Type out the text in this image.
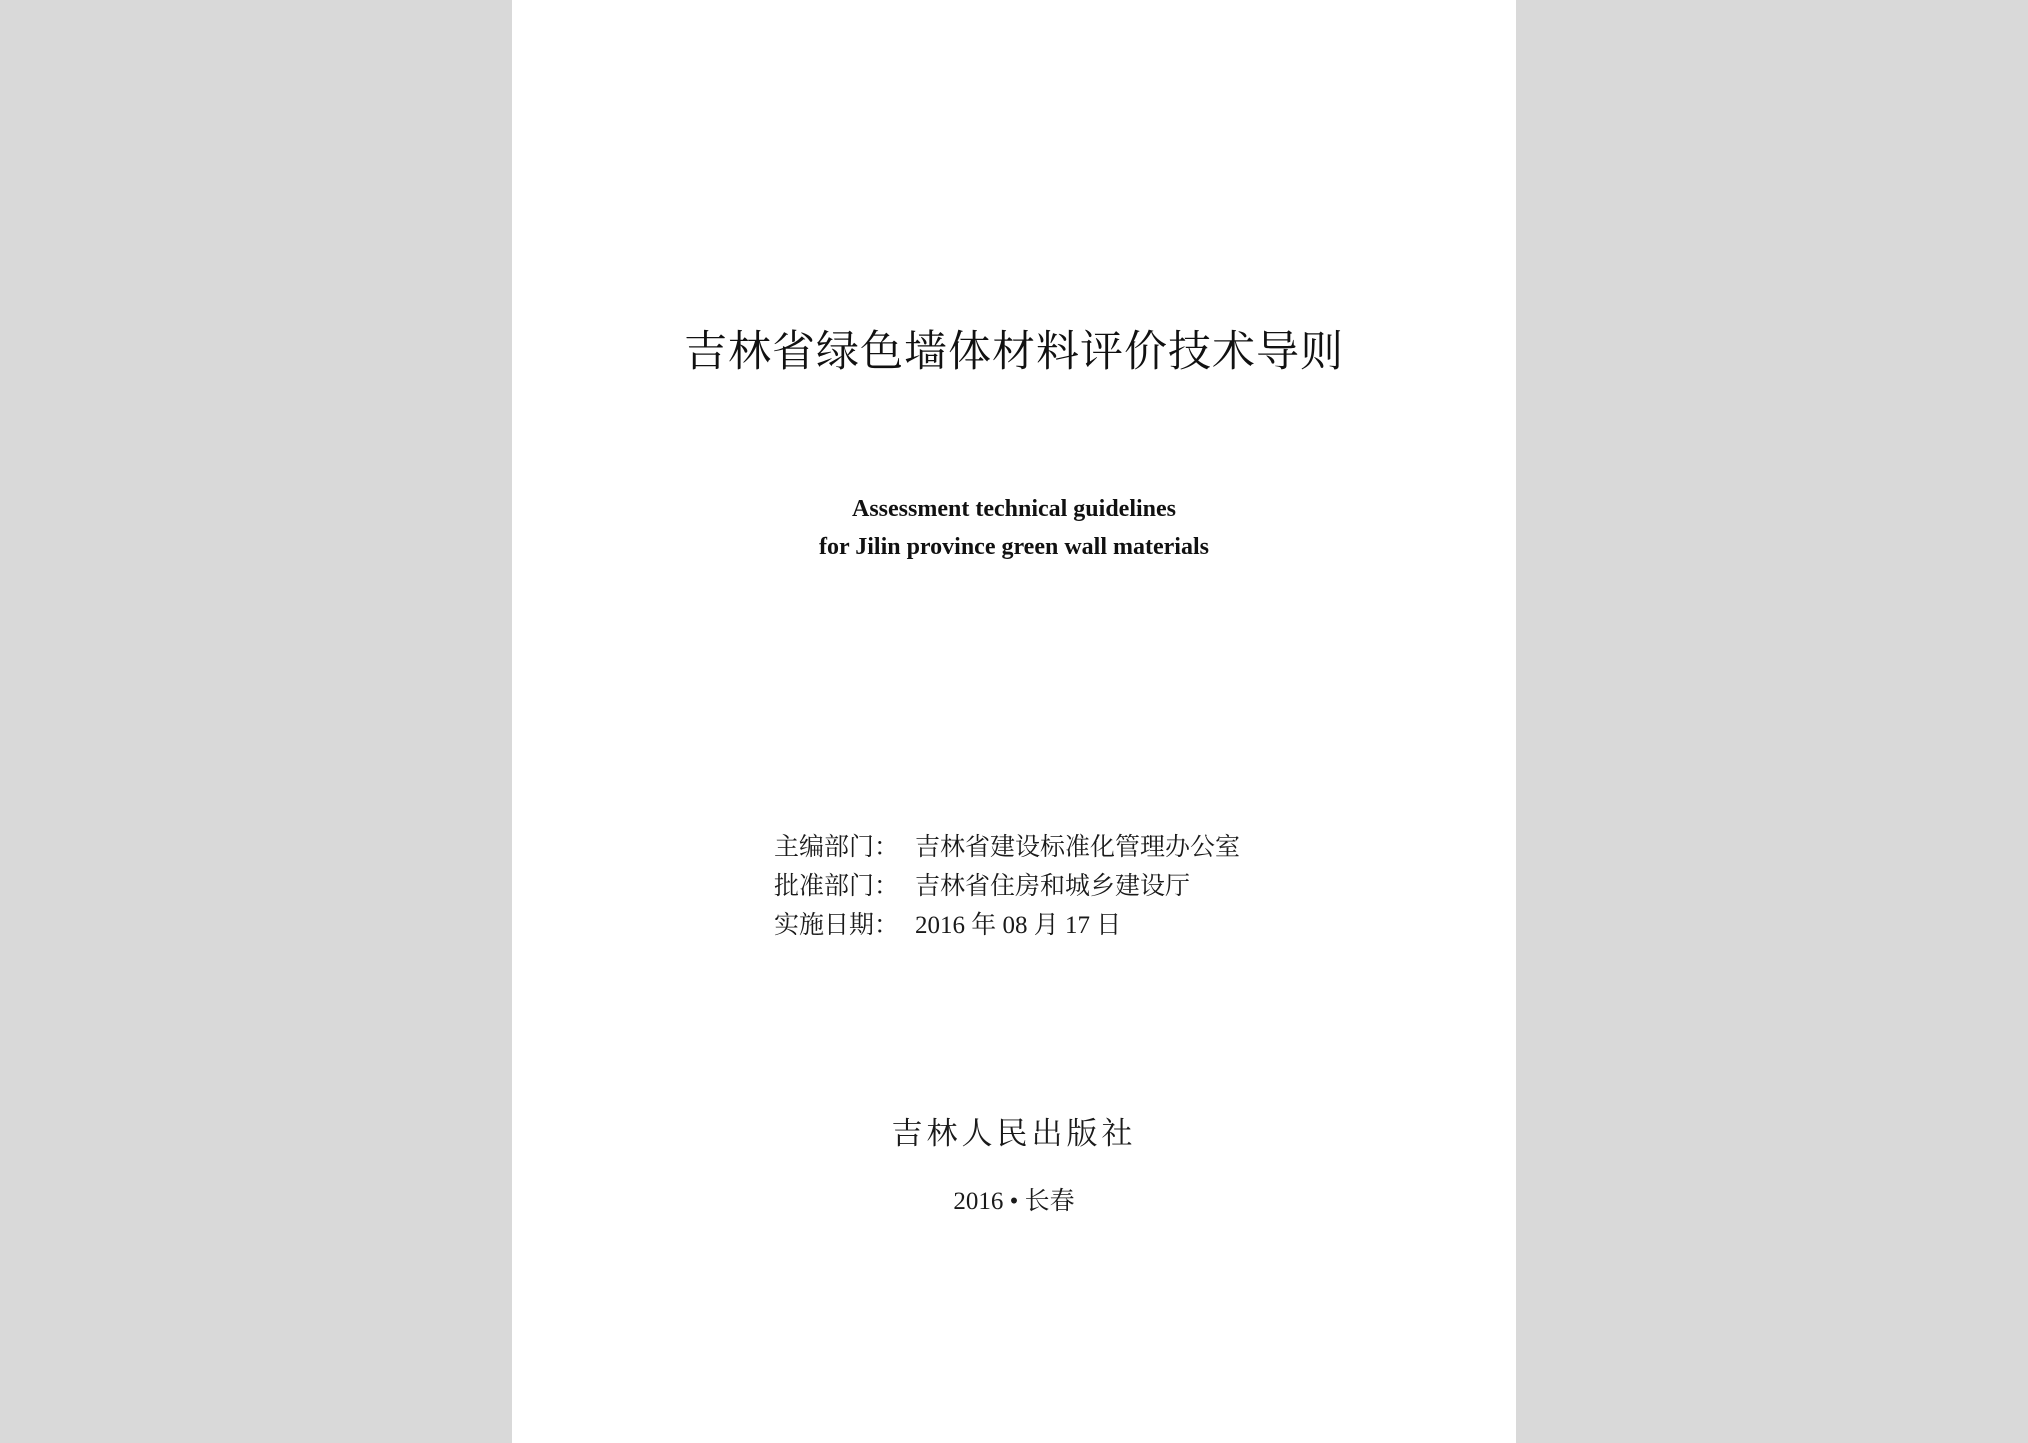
吉林省绿色墙体材料评价技术导则
Assessment technical guidelines
for Jilin province green wall materials
主编部门： 吉林省建设标准化管理办公室
批准部门： 吉林省住房和城乡建设厅
实施日期： 2016 年 08 月 17 日
吉林人民出版社
2016 • 长春
